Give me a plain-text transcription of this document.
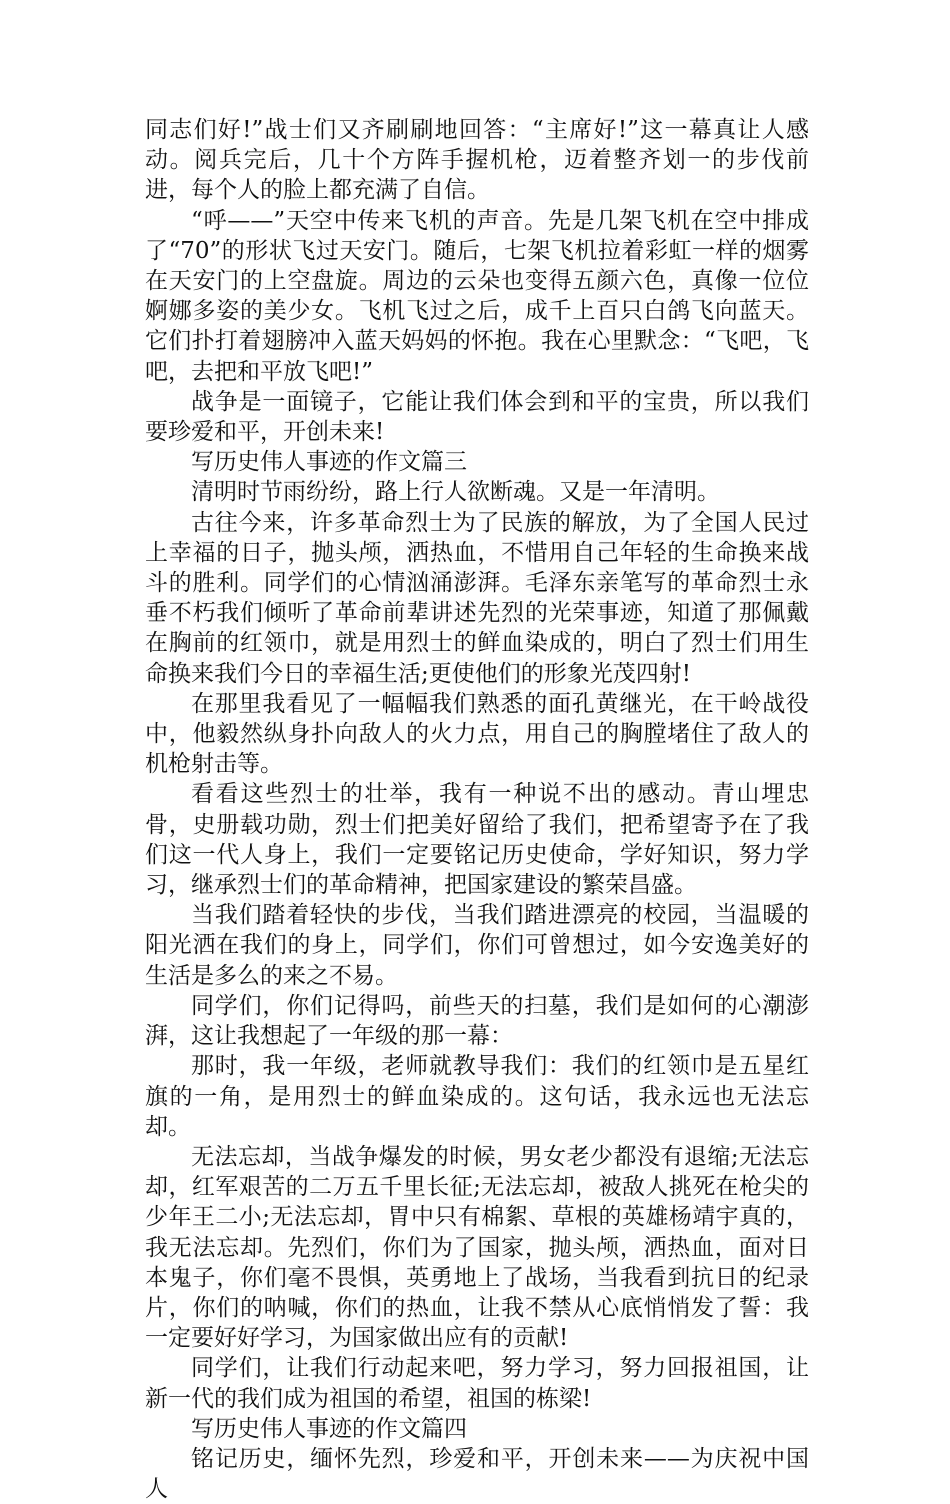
同志们好!”战士们又齐刷刷地回答：“主席好!”这一幕真让人感动。阅兵完后，几十个方阵手握机枪，迈着整齐划一的步伐前进，每个人的脸上都充满了自信。

“呼——”天空中传来飞机的声音。先是几架飞机在空中排成了“70”的形状飞过天安门。随后，七架飞机拉着彩虹一样的烟雾在天安门的上空盘旋。周边的云朵也变得五颜六色，真像一位位婀娜多姿的美少女。飞机飞过之后，成千上百只白鸽飞向蓝天。它们扑打着翅膀冲入蓝天妈妈的怀抱。我在心里默念：“飞吧，飞吧，去把和平放飞吧!”

战争是一面镜子，它能让我们体会到和平的宝贵，所以我们要珍爱和平，开创未来!

写历史伟人事迹的作文篇三

清明时节雨纷纷，路上行人欲断魂。又是一年清明。

古往今来，许多革命烈士为了民族的解放，为了全国人民过上幸福的日子，抛头颅，洒热血，不惜用自己年轻的生命换来战斗的胜利。同学们的心情汹涌澎湃。毛泽东亲笔写的革命烈士永垂不朽我们倾听了革命前辈讲述先烈的光荣事迹，知道了那佩戴在胸前的红领巾，就是用烈士的鲜血染成的，明白了烈士们用生命换来我们今日的幸福生活;更使他们的形象光茂四射!

在那里我看见了一幅幅我们熟悉的面孔黄继光，在干岭战役中，他毅然纵身扑向敌人的火力点，用自己的胸膛堵住了敌人的机枪射击等。

看看这些烈士的壮举，我有一种说不出的感动。青山埋忠骨，史册载功勋，烈士们把美好留给了我们，把希望寄予在了我们这一代人身上，我们一定要铭记历史使命，学好知识，努力学习，继承烈士们的革命精神，把国家建设的繁荣昌盛。

当我们踏着轻快的步伐，当我们踏进漂亮的校园，当温暖的阳光洒在我们的身上，同学们，你们可曾想过，如今安逸美好的生活是多么的来之不易。

同学们，你们记得吗，前些天的扫墓，我们是如何的心潮澎湃，这让我想起了一年级的那一幕：

那时，我一年级，老师就教导我们：我们的红领巾是五星红旗的一角，是用烈士的鲜血染成的。这句话，我永远也无法忘却。

无法忘却，当战争爆发的时候，男女老少都没有退缩;无法忘却，红军艰苦的二万五千里长征;无法忘却，被敌人挑死在枪尖的少年王二小;无法忘却，胃中只有棉絮、草根的英雄杨靖宇真的，我无法忘却。先烈们，你们为了国家，抛头颅，洒热血，面对日本鬼子，你们毫不畏惧，英勇地上了战场，当我看到抗日的纪录片，你们的呐喊，你们的热血，让我不禁从心底悄悄发了誓：我一定要好好学习，为国家做出应有的贡献!

同学们，让我们行动起来吧，努力学习，努力回报祖国，让新一代的我们成为祖国的希望，祖国的栋梁!

写历史伟人事迹的作文篇四

铭记历史，缅怀先烈，珍爱和平，开创未来——为庆祝中国人
